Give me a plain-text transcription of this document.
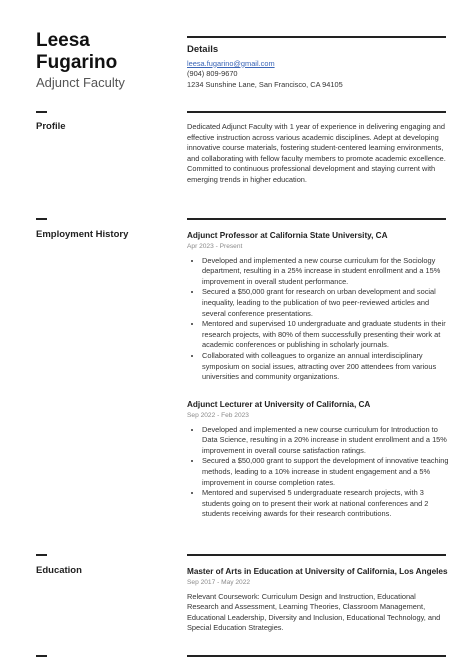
Leesa
Fugarino
Adjunct Faculty
Details
leesa.fugarino@gmail.com
(904) 809-9670
1234 Sunshine Lane, San Francisco, CA 94105
Profile	Dedicated Adjunct Faculty with 1 year of experience in delivering engaging and effective instruction across various academic disciplines. Adept at developing innovative course materials, fostering student-centered learning environments, and collaborating with fellow faculty members to promote academic excellence. Committed to continuous professional development and staying current with emerging trends in higher education.

Employment History	Adjunct Professor at California State University, CA
Apr 2023 - Present
• Developed and implemented a new course curriculum for the Sociology department, resulting in a 25% increase in student enrollment and a 15% improvement in overall student performance.
• Secured a $50,000 grant for research on urban development and social inequality, leading to the publication of two peer-reviewed articles and several conference presentations.
• Mentored and supervised 10 undergraduate and graduate students in their research projects, with 80% of them successfully presenting their work at academic conferences or publishing in scholarly journals.
• Collaborated with colleagues to organize an annual interdisciplinary symposium on social issues, attracting over 200 attendees from various universities and community organizations.
Adjunct Lecturer at University of California, CA
Sep 2022 - Feb 2023
• Developed and implemented a new course curriculum for Introduction to Data Science, resulting in a 20% increase in student enrollment and a 15% improvement in overall course satisfaction ratings.
• Secured a $50,000 grant to support the development of innovative teaching methods, leading to a 10% increase in student engagement and a 5% improvement in course completion rates.
• Mentored and supervised 5 undergraduate research projects, with 3 students going on to present their work at national conferences and 2 students receiving awards for their research contributions.
Education	Master of Arts in Education at University of California, Los Angeles
Sep 2017 - May 2022

Relevant Coursework: Curriculum Design and Instruction, Educational Research and Assessment, Learning Theories, Classroom Management, Educational Leadership, Diversity and Inclusion, Educational Technology, and Special Education Strategies.
